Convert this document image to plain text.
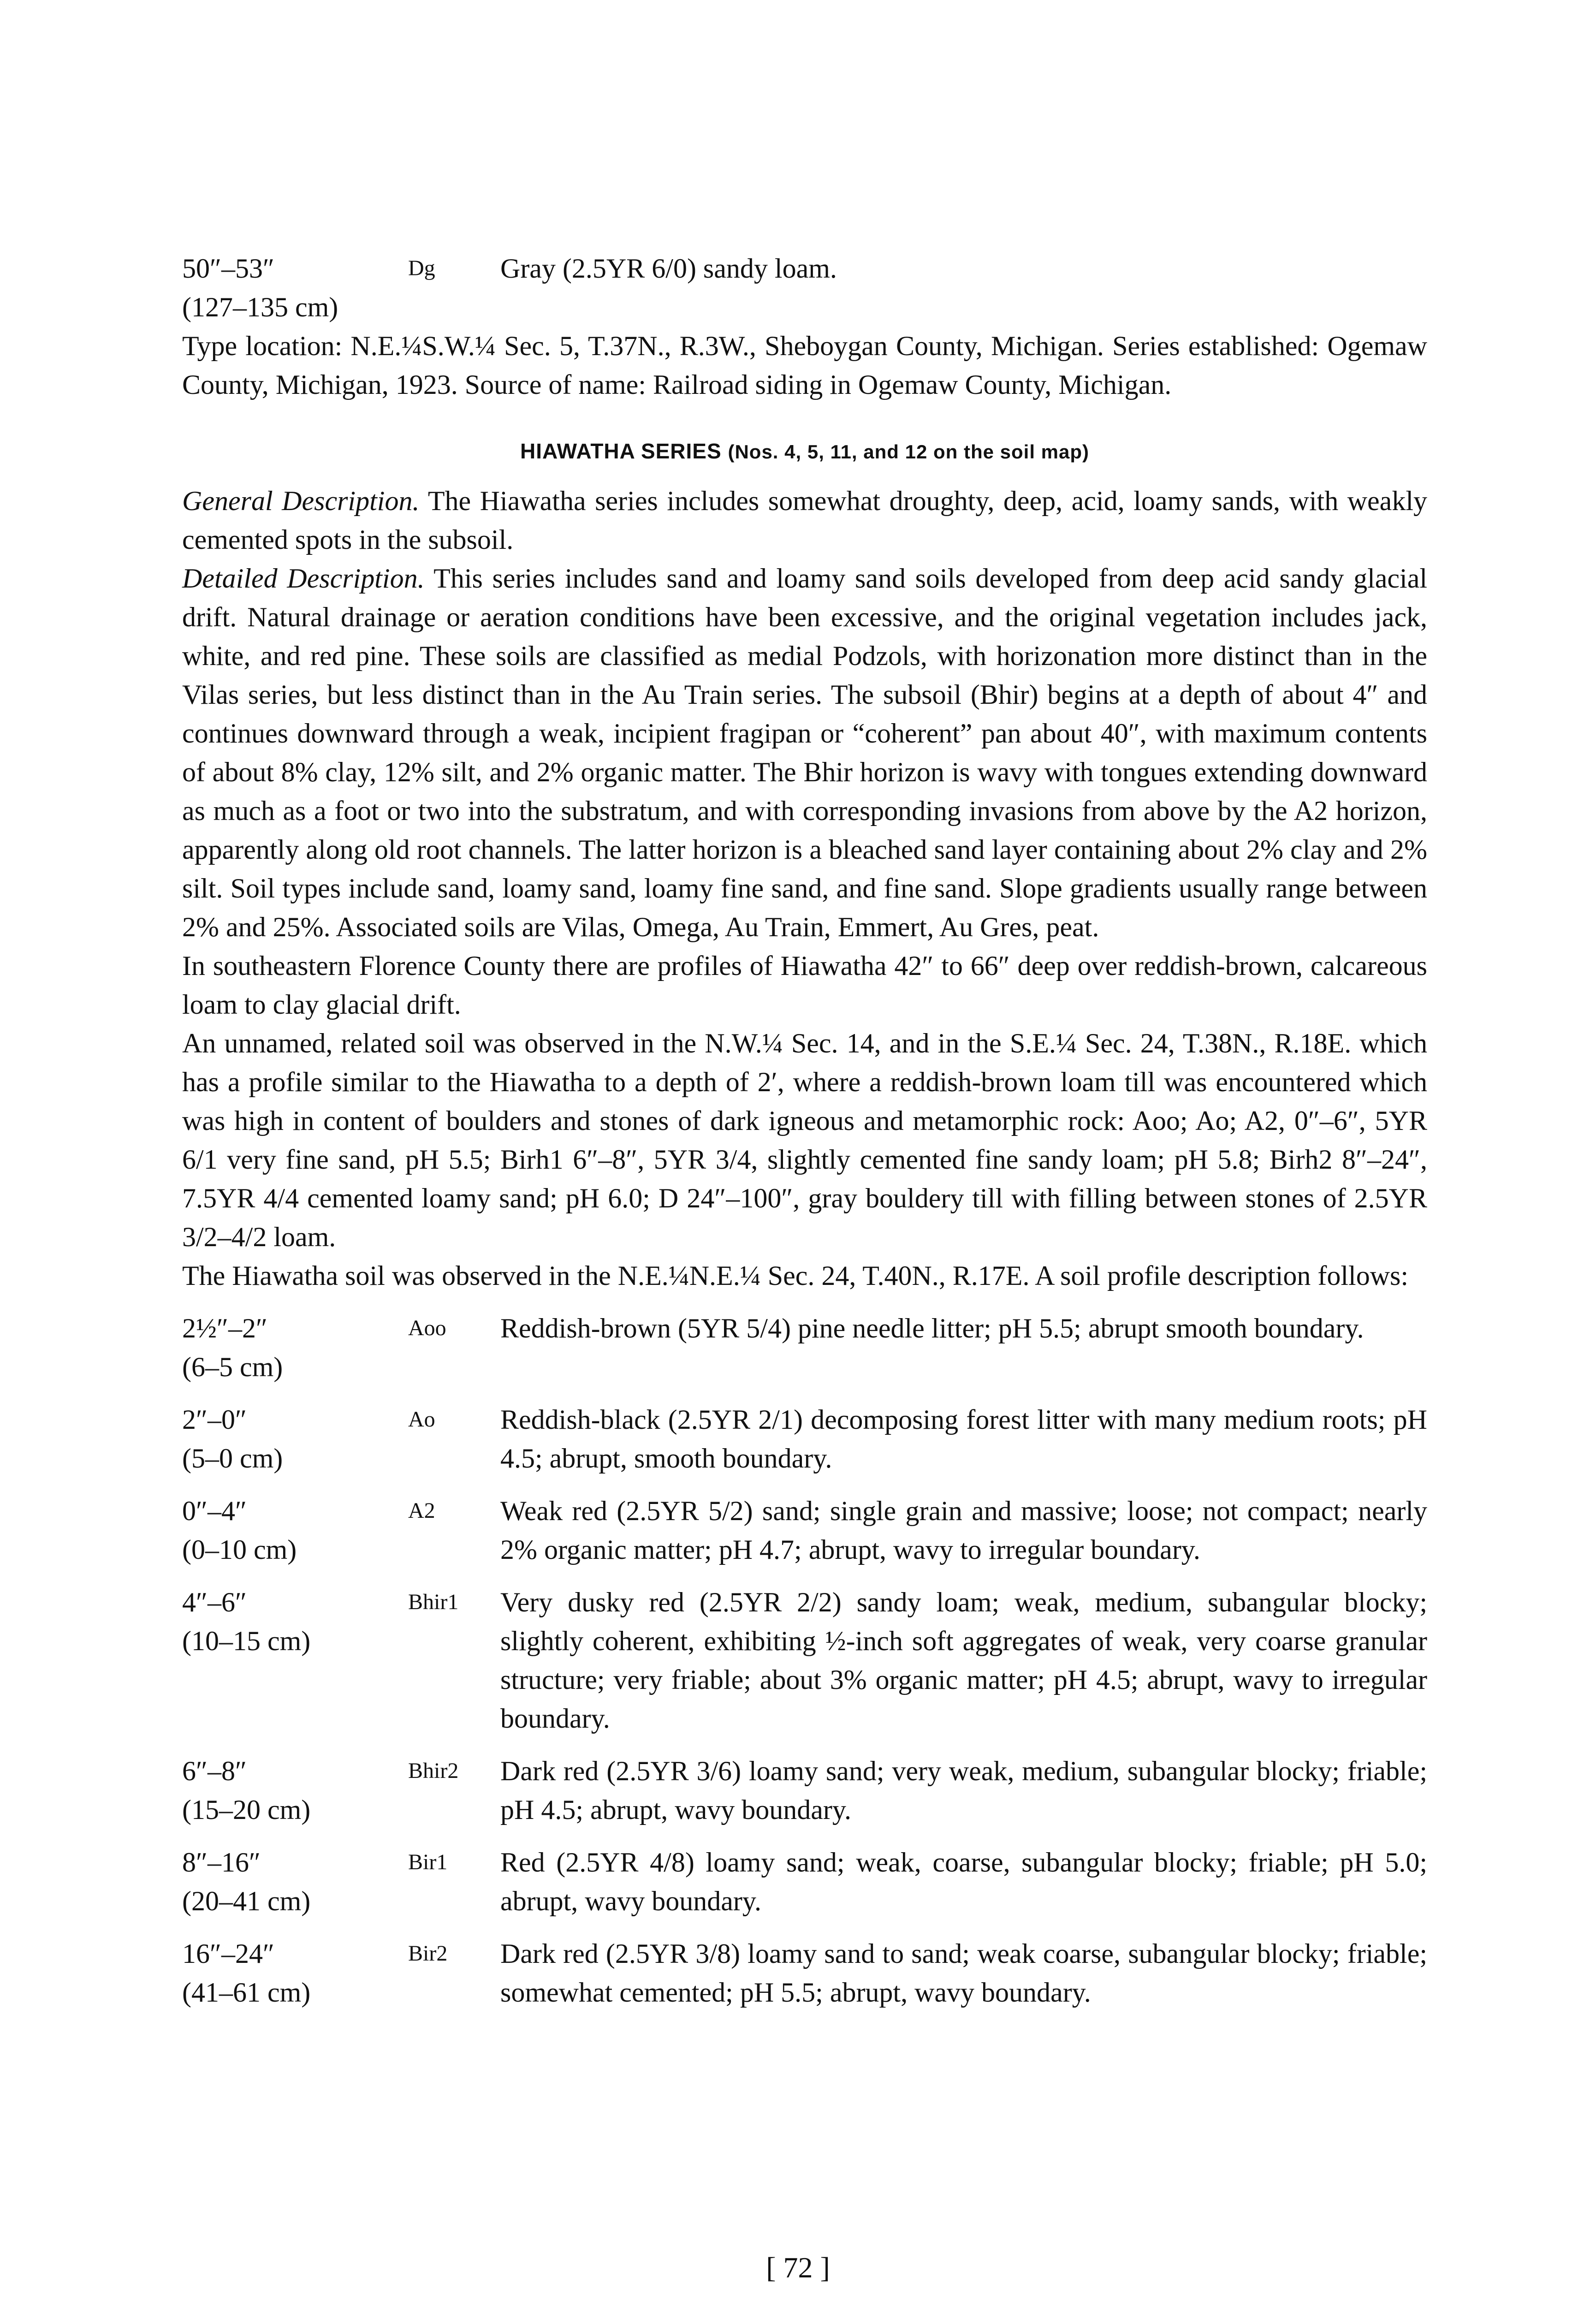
50″–53″
(127–135 cm)
Dg	Gray (2.5YR 6/0) sandy loam.

Type location: N.E.¼S.W.¼ Sec. 5, T.37N., R.3W., Sheboygan County, Michigan. Series established: Ogemaw County, Michigan, 1923. Source of name: Railroad siding in Ogemaw County, Michigan.

HIAWATHA SERIES (Nos. 4, 5, 11, and 12 on the soil map)

General Description. The Hiawatha series includes somewhat droughty, deep, acid, loamy sands, with weakly cemented spots in the subsoil.

Detailed Description. This series includes sand and loamy sand soils developed from deep acid sandy glacial drift. Natural drainage or aeration conditions have been excessive, and the original vegetation includes jack, white, and red pine. These soils are classified as medial Podzols, with horizonation more distinct than in the Vilas series, but less distinct than in the Au Train series. The subsoil (Bhir) begins at a depth of about 4″ and continues downward through a weak, incipient fragipan or “coherent” pan about 40″, with maximum contents of about 8% clay, 12% silt, and 2% organic matter. The Bhir horizon is wavy with tongues extending downward as much as a foot or two into the substratum, and with corresponding invasions from above by the A2 horizon, apparently along old root channels. The latter horizon is a bleached sand layer containing about 2% clay and 2% silt. Soil types include sand, loamy sand, loamy fine sand, and fine sand. Slope gradients usually range between 2% and 25%. Associated soils are Vilas, Omega, Au Train, Emmert, Au Gres, peat.

In southeastern Florence County there are profiles of Hiawatha 42″ to 66″ deep over reddish-brown, calcareous loam to clay glacial drift.

An unnamed, related soil was observed in the N.W.¼ Sec. 14, and in the S.E.¼ Sec. 24, T.38N., R.18E. which has a profile similar to the Hiawatha to a depth of 2′, where a reddish-brown loam till was encountered which was high in content of boulders and stones of dark igneous and metamorphic rock: Aoo; Ao; A2, 0″–6″, 5YR 6/1 very fine sand, pH 5.5; Birh1 6″–8″, 5YR 3/4, slightly cemented fine sandy loam; pH 5.8; Birh2 8″–24″, 7.5YR 4/4 cemented loamy sand; pH 6.0; D 24″–100″, gray bouldery till with filling between stones of 2.5YR 3/2–4/2 loam.

The Hiawatha soil was observed in the N.E.¼N.E.¼ Sec. 24, T.40N., R.17E. A soil profile description follows:

2½″–2″
(6–5 cm)
Aoo	Reddish-brown (5YR 5/4) pine needle litter; pH 5.5; abrupt smooth boundary.
2″–0″
(5–0 cm)
Ao	Reddish-black (2.5YR 2/1) decomposing forest litter with many medium roots; pH 4.5; abrupt, smooth boundary.
0″–4″
(0–10 cm)
A2	Weak red (2.5YR 5/2) sand; single grain and massive; loose; not compact; nearly 2% organic matter; pH 4.7; abrupt, wavy to irregular boundary.
4″–6″
(10–15 cm)
Bhir1	Very dusky red (2.5YR 2/2) sandy loam; weak, medium, subangular blocky; slightly coherent, exhibiting ½-inch soft aggregates of weak, very coarse granular structure; very friable; about 3% organic matter; pH 4.5; abrupt, wavy to irregular boundary.
6″–8″
(15–20 cm)
Bhir2	Dark red (2.5YR 3/6) loamy sand; very weak, medium, subangular blocky; friable; pH 4.5; abrupt, wavy boundary.
8″–16″
(20–41 cm)
Bir1	Red (2.5YR 4/8) loamy sand; weak, coarse, subangular blocky; friable; pH 5.0; abrupt, wavy boundary.
16″–24″
(41–61 cm)
Bir2	Dark red (2.5YR 3/8) loamy sand to sand; weak coarse, subangular blocky; friable; somewhat cemented; pH 5.5; abrupt, wavy boundary.
[ 72 ]
